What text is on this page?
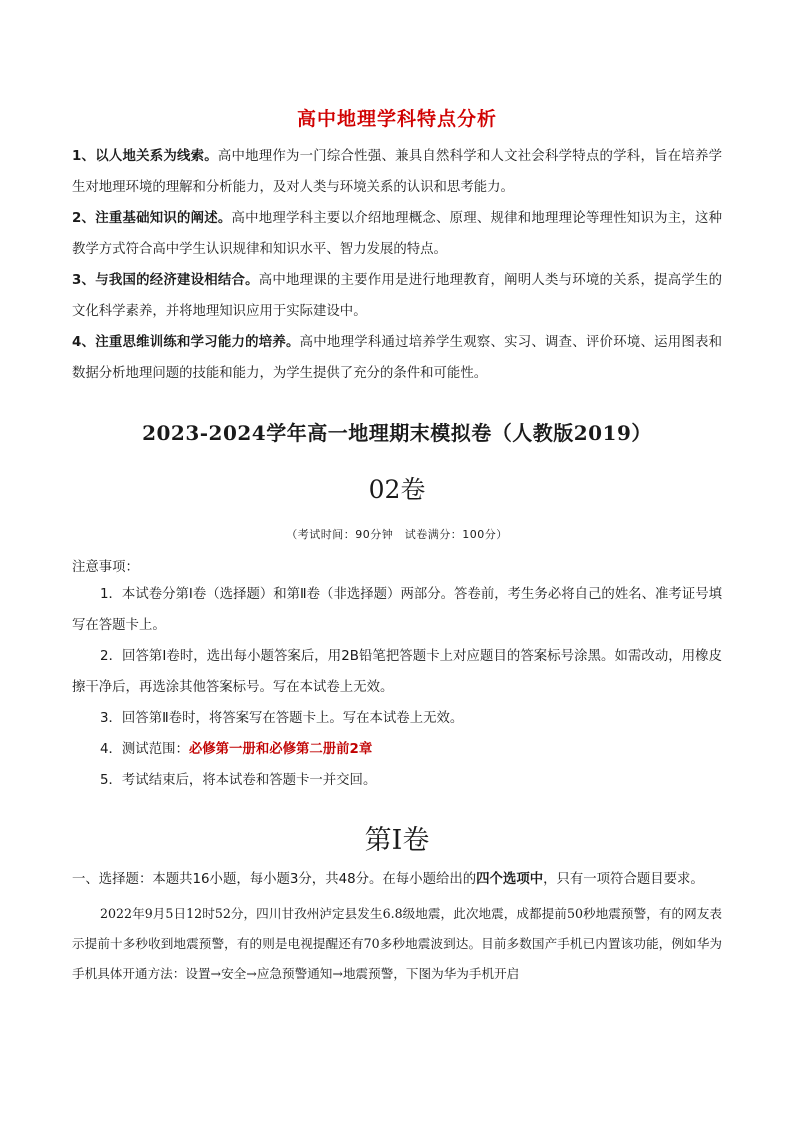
高中地理学科特点分析

1、以人地关系为线索。高中地理作为一门综合性强、兼具自然科学和人文社会科学特点的学科，旨在培养学生对地理环境的理解和分析能力，及对人类与环境关系的认识和思考能力。

2、注重基础知识的阐述。高中地理学科主要以介绍地理概念、原理、规律和地理理论等理性知识为主，这种教学方式符合高中学生认识规律和知识水平、智力发展的特点。

3、与我国的经济建设相结合。高中地理课的主要作用是进行地理教育，阐明人类与环境的关系，提高学生的文化科学素养，并将地理知识应用于实际建设中。

4、注重思维训练和学习能力的培养。高中地理学科通过培养学生观察、实习、调查、评价环境、运用图表和数据分析地理问题的技能和能力，为学生提供了充分的条件和可能性。

2023-2024学年高一地理期末模拟卷（人教版2019）
02卷
（考试时间：90分钟　试卷满分：100分）
注意事项：

1．本试卷分第Ⅰ卷（选择题）和第Ⅱ卷（非选择题）两部分。答卷前，考生务必将自己的姓名、准考证号填写在答题卡上。

2．回答第Ⅰ卷时，选出每小题答案后，用2B铅笔把答题卡上对应题目的答案标号涂黑。如需改动，用橡皮擦干净后，再选涂其他答案标号。写在本试卷上无效。

3．回答第Ⅱ卷时，将答案写在答题卡上。写在本试卷上无效。

4．测试范围：必修第一册和必修第二册前2章

5．考试结束后，将本试卷和答题卡一并交回。

第Ⅰ卷

一、选择题：本题共16小题，每小题3分，共48分。在每小题给出的四个选项中，只有一项符合题目要求。

2022年9月5日12时52分，四川甘孜州泸定县发生6.8级地震，此次地震，成都提前50秒地震预警，有的网友表示提前十多秒收到地震预警，有的则是电视提醒还有70多秒地震波到达。目前多数国产手机已内置该功能，例如华为手机具体开通方法：设置→安全→应急预警通知→地震预警，下图为华为手机开启
